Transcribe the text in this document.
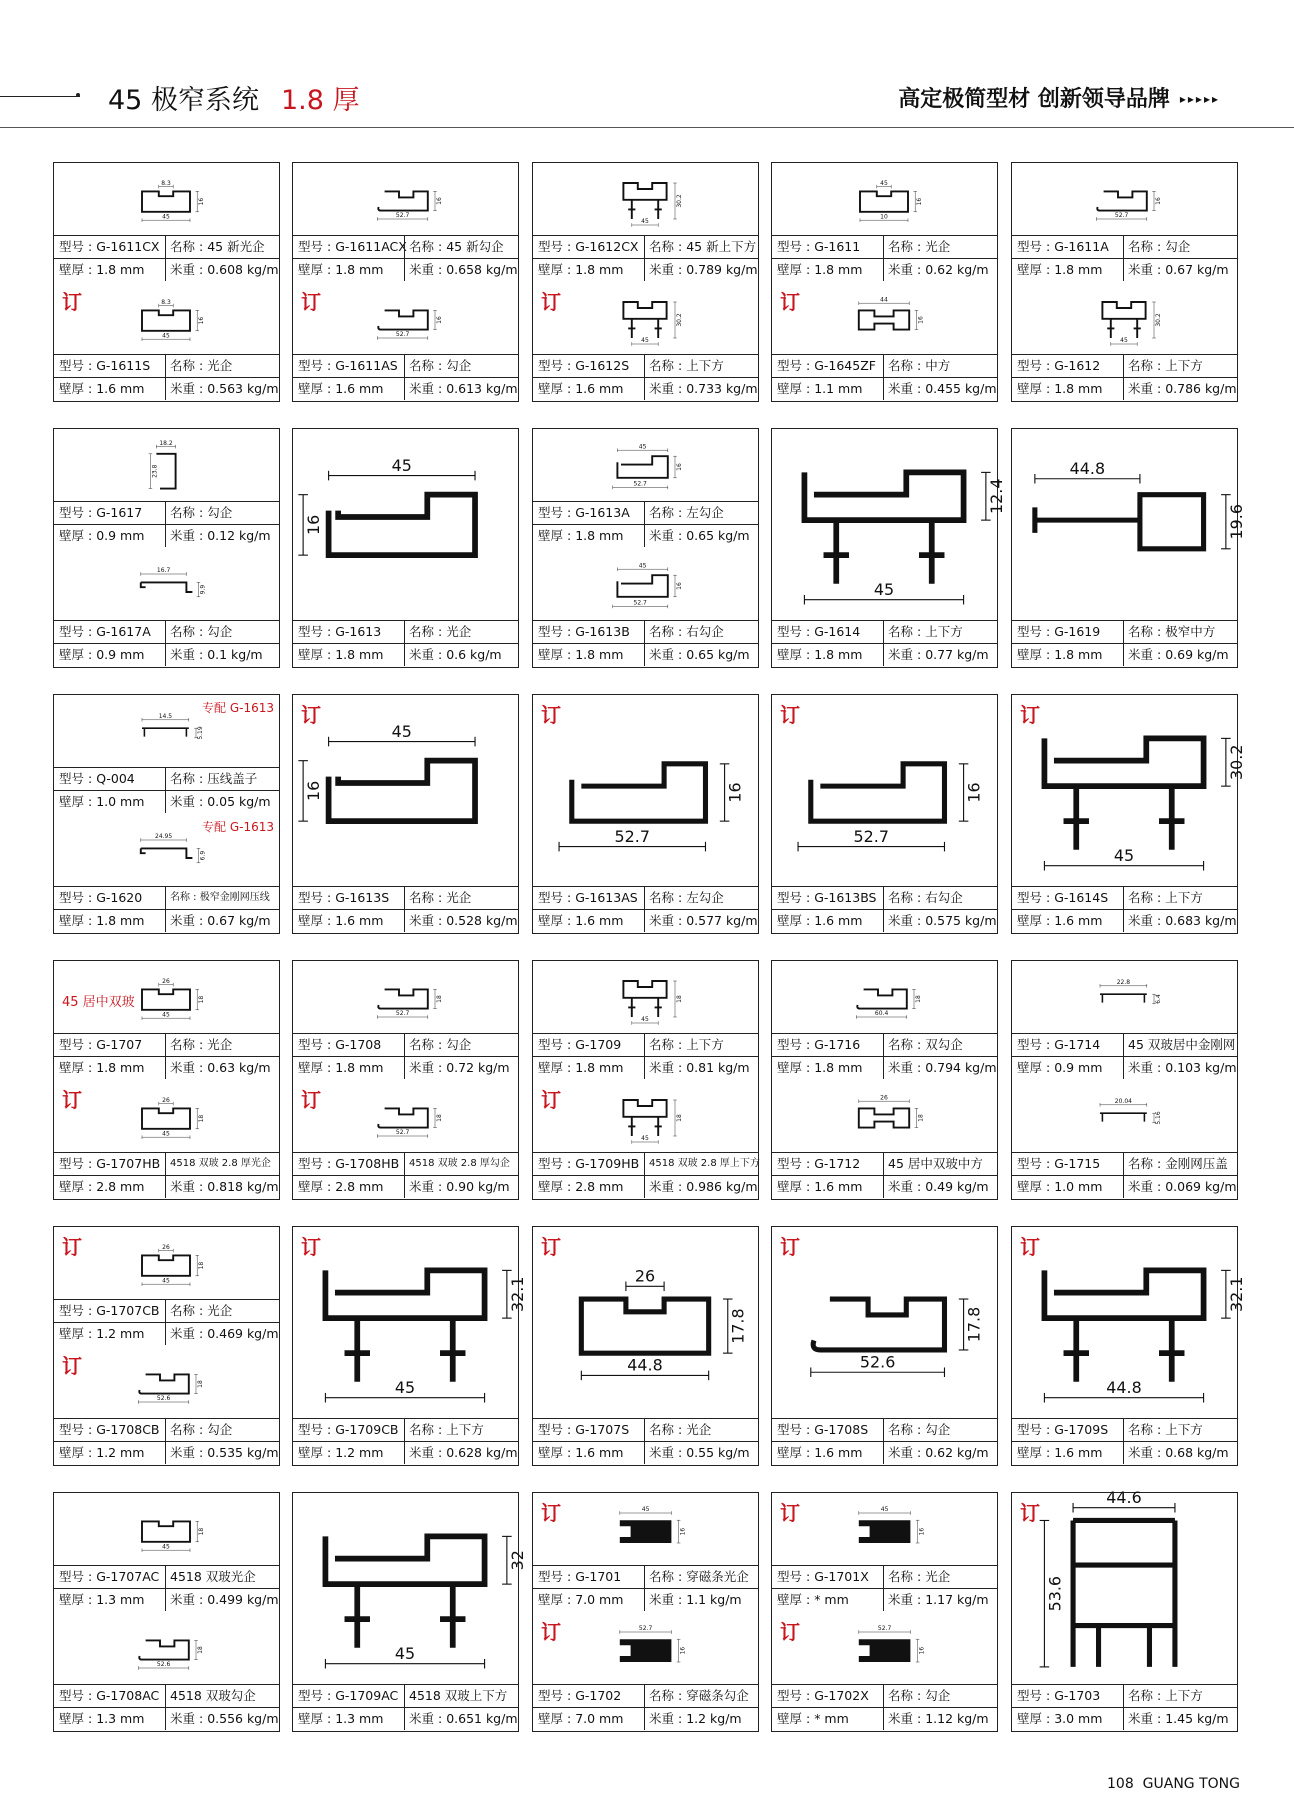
45 极窄系统 1.8 厚	高定极简型材 创新领导品牌 ▸▸▸▸▸
8.3
45
16
型号 : G-1611CX 名称 : 45 新光企
壁厚 : 1.8 mm	米重 : 0.608 kg/m
8.3
45
16
订
型号 : G-1611S	名称 : 光企
壁厚 : 1.6 mm	米重 : 0.563 kg/m
52.7
16
型号 : G-1611ACX 名称 : 45 新勾企
壁厚 : 1.8 mm	米重 : 0.658 kg/m
52.7
16
订
型号 : G-1611AS 名称 : 勾企
壁厚 : 1.6 mm	米重 : 0.613 kg/m
45
30.2
型号 : G-1612CX 名称 : 45 新上下方
壁厚 : 1.8 mm	米重 : 0.789 kg/m
45
30.2
订
型号 : G-1612S	名称 : 上下方
壁厚 : 1.6 mm	米重 : 0.733 kg/m
45
10
16
型号 : G-1611	名称 : 光企
壁厚 : 1.8 mm	米重 : 0.62 kg/m
44
16
订
型号 : G-1645ZF 名称 : 中方
壁厚 : 1.1 mm	米重 : 0.455 kg/m
52.7
16
型号 : G-1611A	名称 : 勾企
壁厚 : 1.8 mm	米重 : 0.67 kg/m
45
30.2
型号 : G-1612	名称 : 上下方
壁厚 : 1.8 mm	米重 : 0.786 kg/m
18.2
23.8
型号 : G-1617	名称 : 勾企
壁厚 : 0.9 mm	米重 : 0.12 kg/m
16.7
9.9
型号 : G-1617A	名称 : 勾企
壁厚 : 0.9 mm	米重 : 0.1 kg/m
45
16
型号 : G-1613	名称 : 光企
壁厚 : 1.8 mm	米重 : 0.6 kg/m
45
52.7
16
型号 : G-1613A	名称 : 左勾企
壁厚 : 1.8 mm	米重 : 0.65 kg/m
45
52.7
16
型号 : G-1613B	名称 : 右勾企
壁厚 : 1.8 mm	米重 : 0.65 kg/m
45
12.4
型号 : G-1614	名称 : 上下方
壁厚 : 1.8 mm	米重 : 0.77 kg/m
44.8
19.6
型号 : G-1619	名称 : 极窄中方
壁厚 : 1.8 mm	米重 : 0.69 kg/m
14.5
5.19
专配 G-1613
型号 : Q-004	名称 : 压线盖子
壁厚 : 1.0 mm	米重 : 0.05 kg/m
24.95
6.9
专配 G-1613
型号 : G-1620	名称 : 极窄金刚网压线
壁厚 : 1.8 mm	米重 : 0.67 kg/m
45
16
订
型号 : G-1613S	名称 : 光企
壁厚 : 1.6 mm	米重 : 0.528 kg/m
52.7
16
订
型号 : G-1613AS 名称 : 左勾企
壁厚 : 1.6 mm	米重 : 0.577 kg/m
52.7
16
订
型号 : G-1613BS 名称 : 右勾企
壁厚 : 1.6 mm	米重 : 0.575 kg/m
45
30.2
订
型号 : G-1614S	名称 : 上下方
壁厚 : 1.6 mm	米重 : 0.683 kg/m
26
45
18
45 居中双玻
型号 : G-1707	名称 : 光企
壁厚 : 1.8 mm	米重 : 0.63 kg/m
26
45
18
订
型号 : G-1707HB 4518 双玻 2.8 厚光企
壁厚 : 2.8 mm	米重 : 0.818 kg/m
52.7
18
型号 : G-1708	名称 : 勾企
壁厚 : 1.8 mm	米重 : 0.72 kg/m
52.7
18
订
型号 : G-1708HB 4518 双玻 2.8 厚勾企
壁厚 : 2.8 mm	米重 : 0.90 kg/m
45
18
型号 : G-1709	名称 : 上下方
壁厚 : 1.8 mm	米重 : 0.81 kg/m
45
18
订
型号 : G-1709HB 4518 双玻 2.8 厚上下方
壁厚 : 2.8 mm	米重 : 0.986 kg/m
60.4
18
型号 : G-1716	名称 : 双勾企
壁厚 : 1.8 mm	米重 : 0.794 kg/m
26
18
型号 : G-1712	45 居中双玻中方
壁厚 : 1.6 mm	米重 : 0.49 kg/m
22.8
6.4
型号 : G-1714	45 双玻居中金刚网
壁厚 : 0.9 mm	米重 : 0.103 kg/m
20.04
5.16
型号 : G-1715	名称 : 金刚网压盖
壁厚 : 1.0 mm	米重 : 0.069 kg/m
26
45
18
订
型号 : G-1707CB 名称 : 光企
壁厚 : 1.2 mm	米重 : 0.469 kg/m
52.6
18
订
型号 : G-1708CB 名称 : 勾企
壁厚 : 1.2 mm	米重 : 0.535 kg/m
45
32.1
订
型号 : G-1709CB 名称 : 上下方
壁厚 : 1.2 mm	米重 : 0.628 kg/m
26
44.8
17.8
订
型号 : G-1707S	名称 : 光企
壁厚 : 1.6 mm	米重 : 0.55 kg/m
52.6
17.8
订
型号 : G-1708S	名称 : 勾企
壁厚 : 1.6 mm	米重 : 0.62 kg/m
44.8
32.1
订
型号 : G-1709S	名称 : 上下方
壁厚 : 1.6 mm	米重 : 0.68 kg/m
45
18
型号 : G-1707AC 4518 双玻光企
壁厚 : 1.3 mm	米重 : 0.499 kg/m
52.6
18
型号 : G-1708AC 4518 双玻勾企
壁厚 : 1.3 mm	米重 : 0.556 kg/m
45
32
型号 : G-1709AC 4518 双玻上下方
壁厚 : 1.3 mm	米重 : 0.651 kg/m
45
16
订
型号 : G-1701	名称 : 穿磁条光企
壁厚 : 7.0 mm	米重 : 1.1 kg/m
52.7
16
订
型号 : G-1702	名称 : 穿磁条勾企
壁厚 : 7.0 mm	米重 : 1.2 kg/m
45
16
订
型号 : G-1701X	名称 : 光企
壁厚 : * mm	米重 : 1.17 kg/m
52.7
16
订
型号 : G-1702X	名称 : 勾企
壁厚 : * mm	米重 : 1.12 kg/m
44.6
53.6
订
型号 : G-1703	名称 : 上下方
壁厚 : 3.0 mm	米重 : 1.45 kg/m
108 GUANG TONG
